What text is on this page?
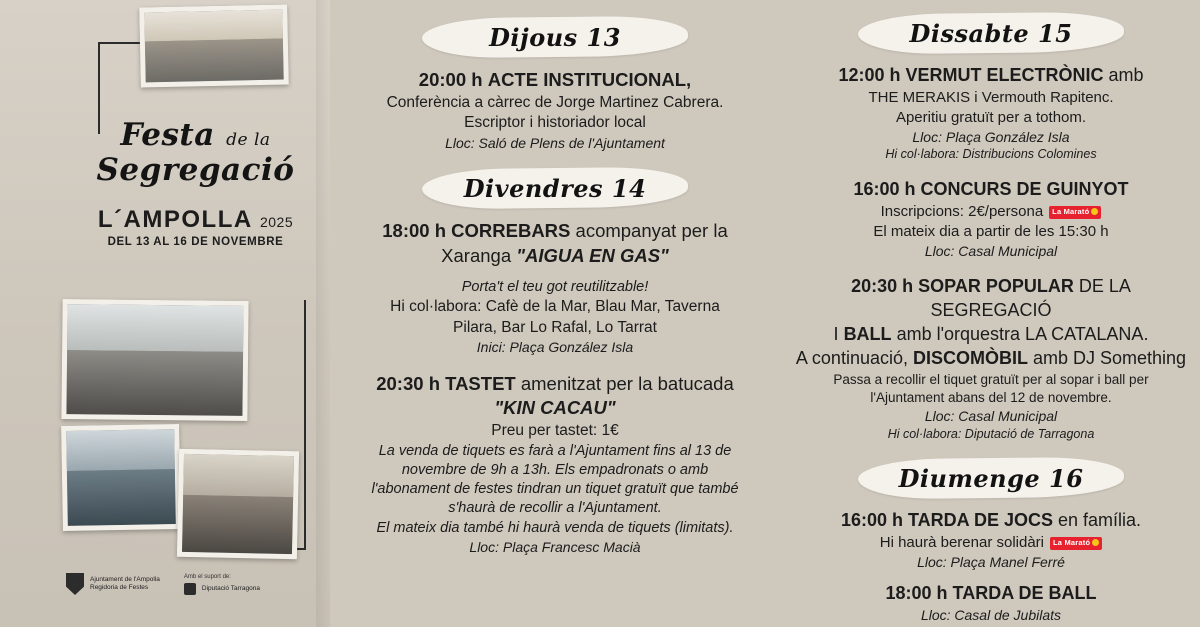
Festa de la
Segregació
L´AMPOLLA 2025
DEL 13 AL 16 DE NOVEMBRE
Ajuntament de l'Ampolla
Regidoria de Festes
Amb el suport de:
Diputació Tarragona
Dijous 13

20:00 h ACTE INSTITUCIONAL,

Conferència a càrrec de Jorge Martinez Cabrera.

Escriptor i historiador local

Lloc: Saló de Plens de l'Ajuntament

Divendres 14

18:00 h CORREBARS acompanyat per la

Xaranga "AIGUA EN GAS"

Porta't el teu got reutilitzable!

Hi col·labora: Cafè de la Mar, Blau Mar, Taverna

Pilara, Bar Lo Rafal, Lo Tarrat

Inici: Plaça González Isla

20:30 h TASTET amenitzat per la batucada

"KIN CACAU"

Preu per tastet: 1€

La venda de tiquets es farà a l'Ajuntament fins al 13 de

novembre de 9h a 13h. Els empadronats o amb

l'abonament de festes tindran un tiquet gratuït que també

s'haurà de recollir a l'Ajuntament.

El mateix dia també hi haurà venda de tiquets (limitats).

Lloc: Plaça Francesc Macià

Dissabte 15

12:00 h VERMUT ELECTRÒNIC amb

THE MERAKIS i Vermouth Rapitenc.

Aperitiu gratuït per a tothom.

Lloc: Plaça González Isla

Hi col·labora: Distribucions Colomines

16:00 h CONCURS DE GUINYOT

Inscripcions: 2€/persona La Marató

El mateix dia a partir de les 15:30 h

Lloc: Casal Municipal

20:30 h SOPAR POPULAR DE LA SEGREGACIÓ

I BALL amb l'orquestra LA CATALANA.

A continuació, DISCOMÒBIL amb DJ Something

Passa a recollir el tiquet gratuït per al sopar i ball per

l'Ajuntament abans del 12 de novembre.

Lloc: Casal Municipal

Hi col·labora: Diputació de Tarragona

Diumenge 16

16:00 h TARDA DE JOCS en família.

Hi haurà berenar solidàri La Marató

Lloc: Plaça Manel Ferré

18:00 h TARDA DE BALL

Lloc: Casal de Jubilats
